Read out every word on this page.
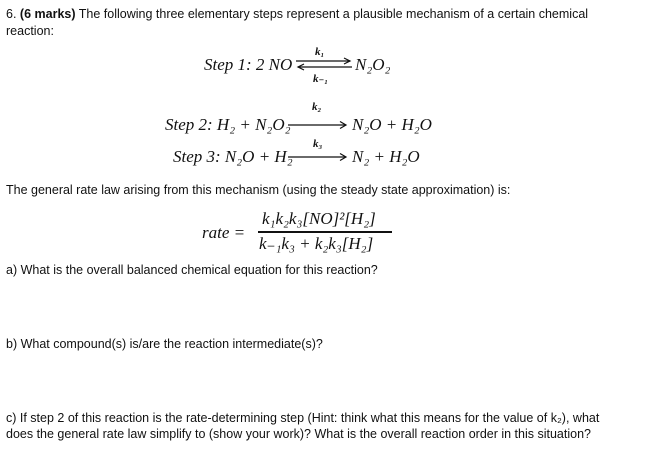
6. (6 marks) The following three elementary steps represent a plausible mechanism of a certain chemical
reaction:
Step 1: 2 NO
k₁
k₋₁
N₂O₂
Step 2: H₂ + N₂O₂
k₂
N₂O + H₂O
Step 3: N₂O + H₂
k₃
N₂ + H₂O
The general rate law arising from this mechanism (using the steady state approximation) is:
rate =
k₁k₂k₃[NO]²[H₂]
k₋₁k₃ + k₂k₃[H₂]
a) What is the overall balanced chemical equation for this reaction?
b) What compound(s) is/are the reaction intermediate(s)?
c) If step 2 of this reaction is the rate-determining step (Hint: think what this means for the value of k₂), what
does the general rate law simplify to (show your work)? What is the overall reaction order in this situation?
